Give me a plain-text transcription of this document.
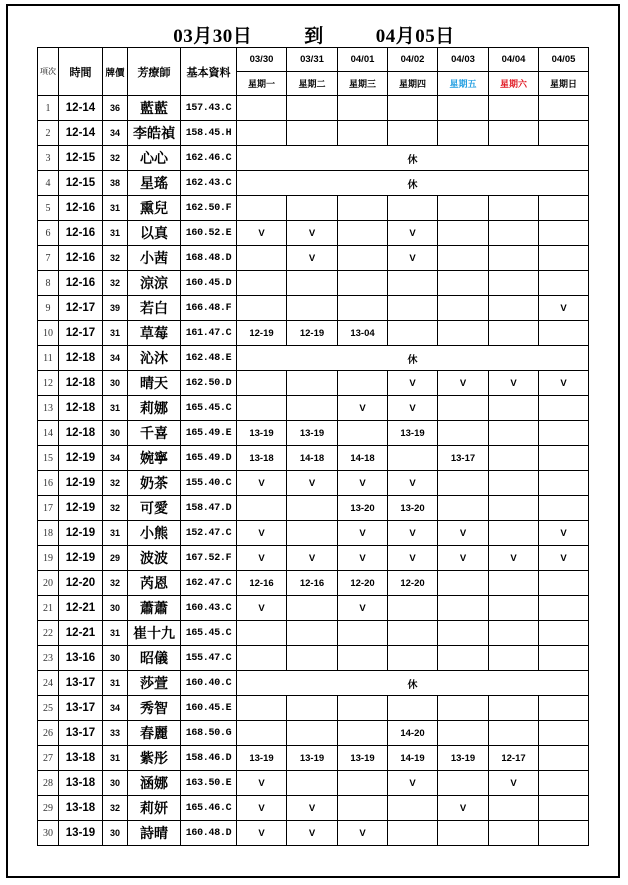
03月30日	到	04月05日
項次	時間	牌價	芳療師	基本資料	03/30	03/31	04/01	04/02	04/03	04/04	04/05
					星期一	星期二	星期三	星期四	星期五	星期六	星期日
1	12-14	36	藍藍	157.43.C							
2	12-14	34	李皓禎	158.45.H							
3	12-15	32	心心	162.46.C	休						
4	12-15	38	星瑤	162.43.C	休						
5	12-16	31	熏兒	162.50.F							
6	12-16	31	以真	160.52.E	V	V		V			
7	12-16	32	小茜	168.48.D		V		V			
8	12-16	32	涼涼	160.45.D							
9	12-17	39	若白	166.48.F							V
10	12-17	31	草莓	161.47.C	12-19	12-19	13-04				
11	12-18	34	沁沐	162.48.E	休						
12	12-18	30	晴天	162.50.D				V	V	V	V
13	12-18	31	莉娜	165.45.C			V	V			
14	12-18	30	千喜	165.49.E	13-19	13-19		13-19			
15	12-19	34	婉寧	165.49.D	13-18	14-18	14-18		13-17		
16	12-19	32	奶茶	155.40.C	V	V	V	V			
17	12-19	32	可愛	158.47.D			13-20	13-20			
18	12-19	31	小熊	152.47.C	V		V	V	V		V
19	12-19	29	波波	167.52.F	V	V	V	V	V	V	V
20	12-20	32	芮恩	162.47.C	12-16	12-16	12-20	12-20			
21	12-21	30	蕭蕭	160.43.C	V		V				
22	12-21	31	崔十九	165.45.C							
23	13-16	30	昭儀	155.47.C							
24	13-17	31	莎萱	160.40.C	休						
25	13-17	34	秀智	160.45.E							
26	13-17	33	春麗	168.50.G				14-20			
27	13-18	31	紫彤	158.46.D	13-19	13-19	13-19	14-19	13-19	12-17	
28	13-18	30	涵娜	163.50.E	V			V		V	
29	13-18	32	莉妍	165.46.C	V	V			V		
30	13-19	30	詩晴	160.48.D	V	V	V				
